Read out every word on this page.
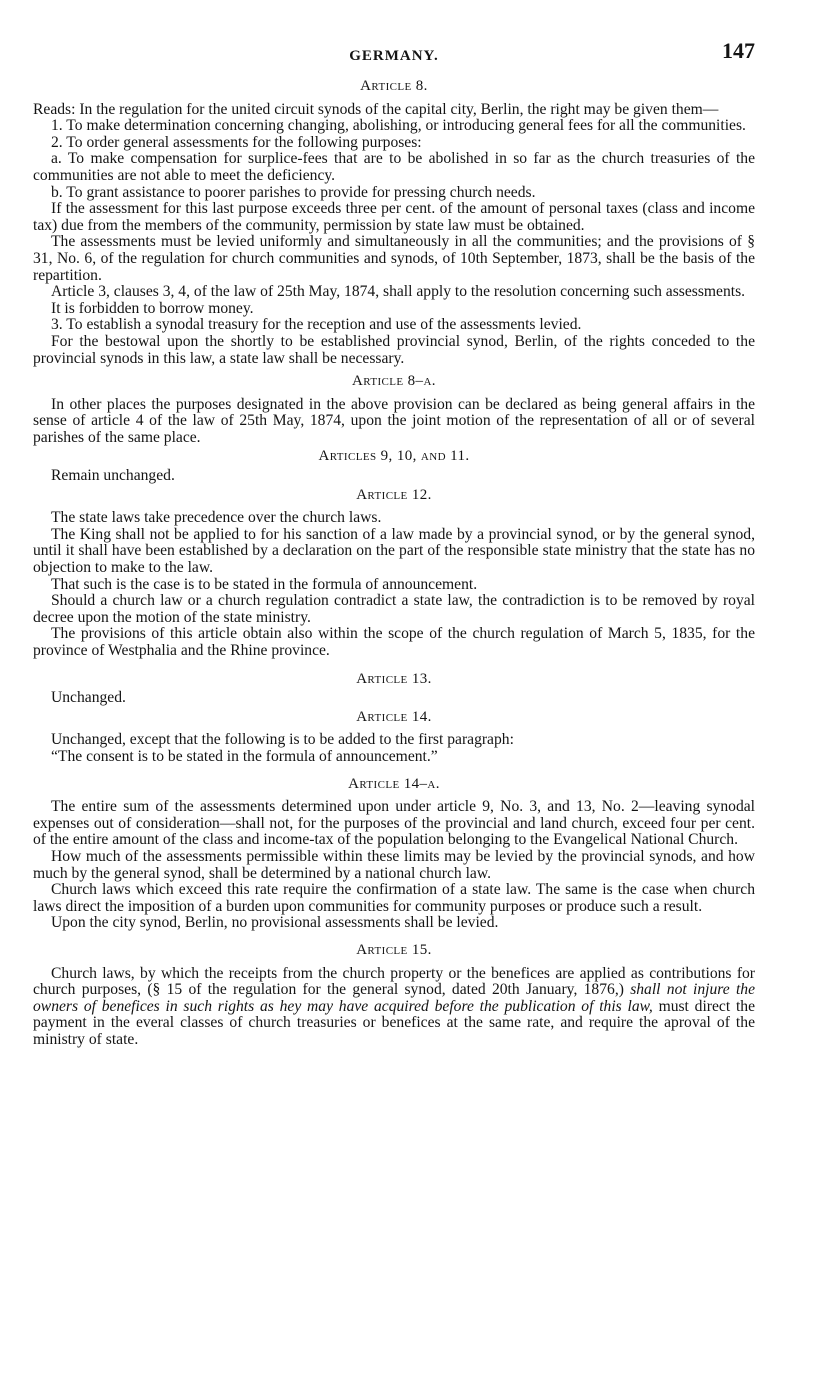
GERMANY.	147
Article 8.

Reads: In the regulation for the united circuit synods of the capital city, Berlin, the right may be given them—

1. To make determination concerning changing, abolishing, or introducing general fees for all the communities.

2. To order general assessments for the following purposes:

a. To make compensation for surplice-fees that are to be abolished in so far as the church treasuries of the communities are not able to meet the deficiency.

b. To grant assistance to poorer parishes to provide for pressing church needs.

If the assessment for this last purpose exceeds three per cent. of the amount of personal taxes (class and income tax) due from the members of the community, permission by state law must be obtained.

The assessments must be levied uniformly and simultaneously in all the communities; and the provisions of § 31, No. 6, of the regulation for church communities and synods, of 10th September, 1873, shall be the basis of the repartition.

Article 3, clauses 3, 4, of the law of 25th May, 1874, shall apply to the resolution concerning such assessments.

It is forbidden to borrow money.

3. To establish a synodal treasury for the reception and use of the assessments levied.

For the bestowal upon the shortly to be established provincial synod, Berlin, of the rights conceded to the provincial synods in this law, a state law shall be necessary.

Article 8–a.

In other places the purposes designated in the above provision can be declared as being general affairs in the sense of article 4 of the law of 25th May, 1874, upon the joint motion of the representation of all or of several parishes of the same place.

Articles 9, 10, and 11.
Remain unchanged.
Article 12.

The state laws take precedence over the church laws.

The King shall not be applied to for his sanction of a law made by a provincial synod, or by the general synod, until it shall have been established by a declaration on the part of the responsible state ministry that the state has no objection to make to the law.

That such is the case is to be stated in the formula of announcement.

Should a church law or a church regulation contradict a state law, the contradiction is to be removed by royal decree upon the motion of the state ministry.

The provisions of this article obtain also within the scope of the church regulation of March 5, 1835, for the province of Westphalia and the Rhine province.

Article 13.
Unchanged.
Article 14.

Unchanged, except that the following is to be added to the first paragraph:

“The consent is to be stated in the formula of announcement.”

Article 14–a.

The entire sum of the assessments determined upon under article 9, No. 3, and 13, No. 2—leaving synodal expenses out of consideration—shall not, for the purposes of the provincial and land church, exceed four per cent. of the entire amount of the class and income-tax of the population belonging to the Evangelical National Church.

How much of the assessments permissible within these limits may be levied by the provincial synods, and how much by the general synod, shall be determined by a national church law.

Church laws which exceed this rate require the confirmation of a state law. The same is the case when church laws direct the imposition of a burden upon communities for community purposes or produce such a result.

Upon the city synod, Berlin, no provisional assessments shall be levied.

Article 15.

Church laws, by which the receipts from the church property or the benefices are applied as contributions for church purposes, (§ 15 of the regulation for the general synod, dated 20th January, 1876,) shall not injure the owners of benefices in such rights as hey may have acquired before the publication of this law, must direct the payment in the everal classes of church treasuries or benefices at the same rate, and require the aproval of the ministry of state.
